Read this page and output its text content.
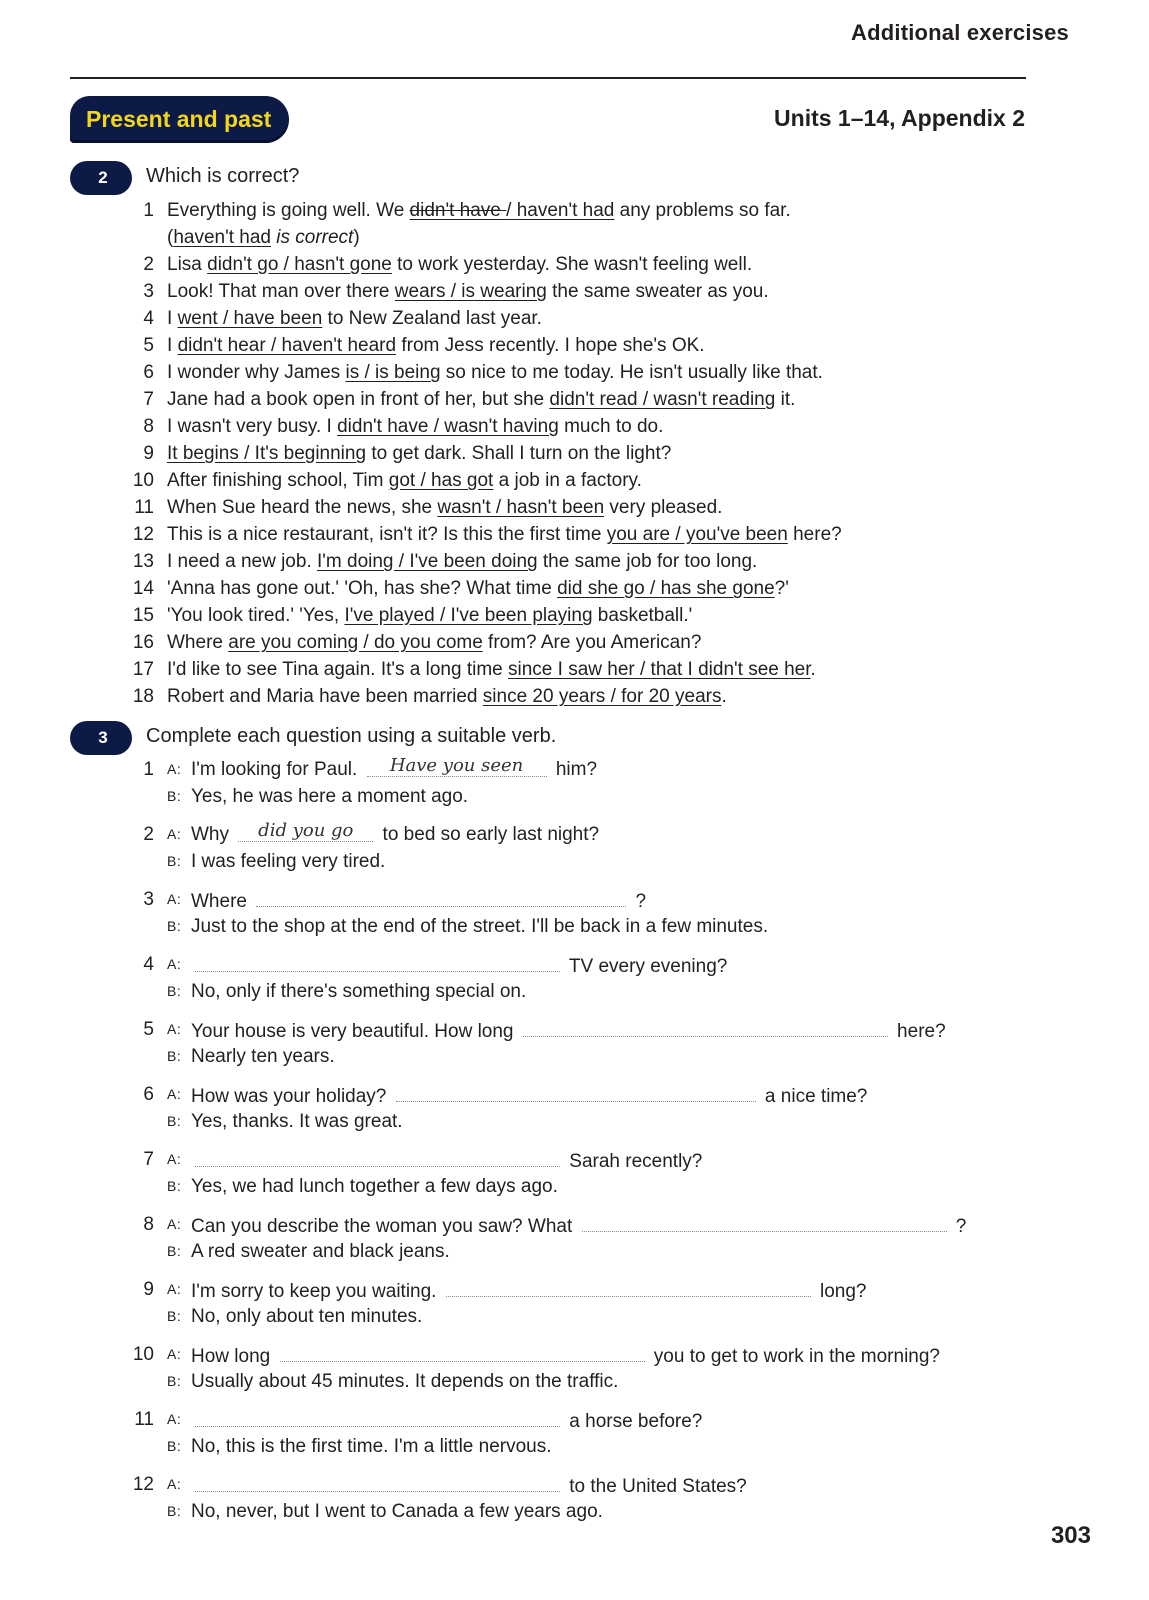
Additional exercises
Present and past	Units 1–14, Appendix 2
2	Which is correct?
1 Everything is going well. We didn't have / haven't had any problems so far.
(haven't had is correct)
2 Lisa didn't go / hasn't gone to work yesterday. She wasn't feeling well.
3 Look! That man over there wears / is wearing the same sweater as you.
4 I went / have been to New Zealand last year.
5 I didn't hear / haven't heard from Jess recently. I hope she's OK.
6 I wonder why James is / is being so nice to me today. He isn't usually like that.
7 Jane had a book open in front of her, but she didn't read / wasn't reading it.
8 I wasn't very busy. I didn't have / wasn't having much to do.
9 It begins / It's beginning to get dark. Shall I turn on the light?
10 After finishing school, Tim got / has got a job in a factory.
11 When Sue heard the news, she wasn't / hasn't been very pleased.
12 This is a nice restaurant, isn't it? Is this the first time you are / you've been here?
13 I need a new job. I'm doing / I've been doing the same job for too long.
14 'Anna has gone out.' 'Oh, has she? What time did she go / has she gone?'
15 'You look tired.' 'Yes, I've played / I've been playing basketball.'
16 Where are you coming / do you come from? Are you American?
17 I'd like to see Tina again. It's a long time since I saw her / that I didn't see her.
18 Robert and Maria have been married since 20 years / for 20 years.
3	Complete each question using a suitable verb.
1 A: I'm looking for Paul. Have you seen him?
B: Yes, he was here a moment ago.
2 A: Why did you go to bed so early last night?
B: I was feeling very tired.
3 A: Where	?
B: Just to the shop at the end of the street. I'll be back in a few minutes.
4 A:	TV every evening?
B: No, only if there's something special on.
5 A: Your house is very beautiful. How long	here?
B: Nearly ten years.
6 A: How was your holiday?	a nice time?
B: Yes, thanks. It was great.
7 A:	Sarah recently?
B: Yes, we had lunch together a few days ago.
8 A: Can you describe the woman you saw? What	?
B: A red sweater and black jeans.
9 A: I'm sorry to keep you waiting.	long?
B: No, only about ten minutes.
10 A: How long	you to get to work in the morning?
B: Usually about 45 minutes. It depends on the traffic.
11 A:	a horse before?
B: No, this is the first time. I'm a little nervous.
12 A:	to the United States?
B: No, never, but I went to Canada a few years ago.
303
